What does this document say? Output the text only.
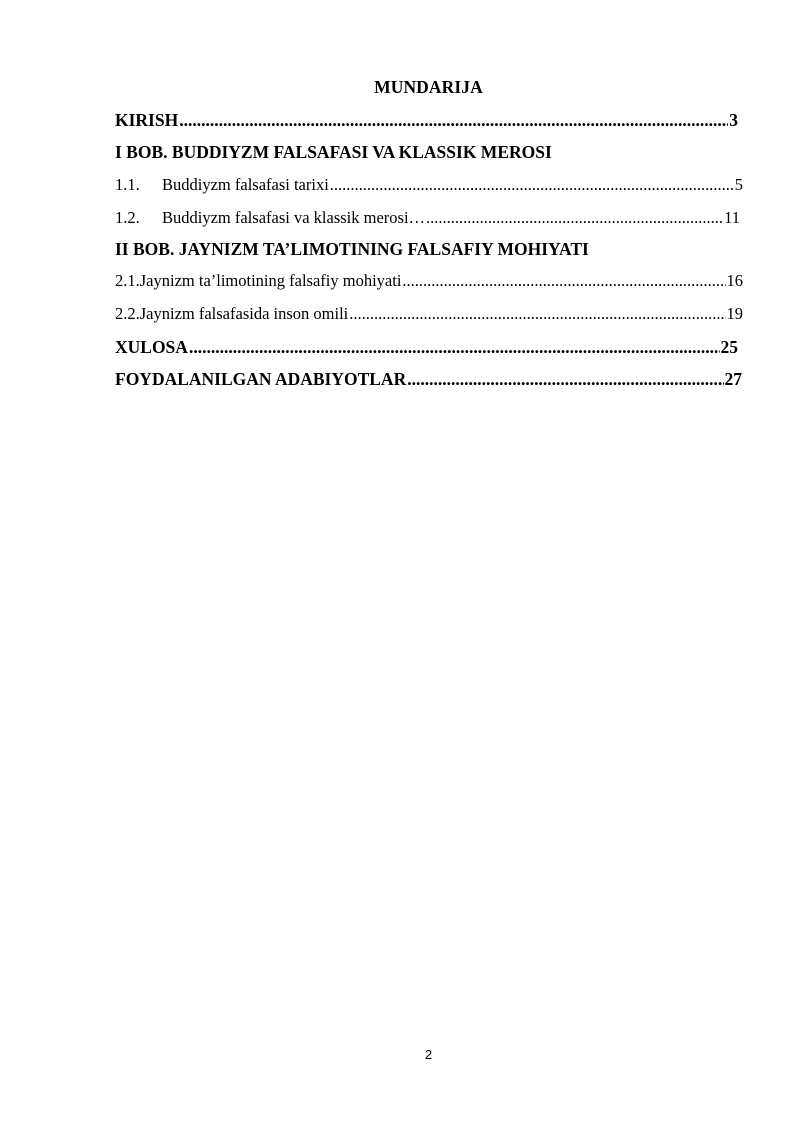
MUNDARIJA
KIRISH .....	3
I BOB. BUDDIYZM FALSAFASI VA KLASSIK MEROSI
1.1.	Buddiyzm falsafasi tarixi .....	5
1.2.	Buddiyzm falsafasi va klassik merosi… .....	11
II BOB. JAYNIZM TA’LIMOTINING FALSAFIY MOHIYATI
2.1.Jaynizm ta’limotining falsafiy mohiyati .....	16
2.2.Jaynizm falsafasida inson omili .....	19
XULOSA .....	25
FOYDALANILGAN ADABIYOTLAR .....	27
2
